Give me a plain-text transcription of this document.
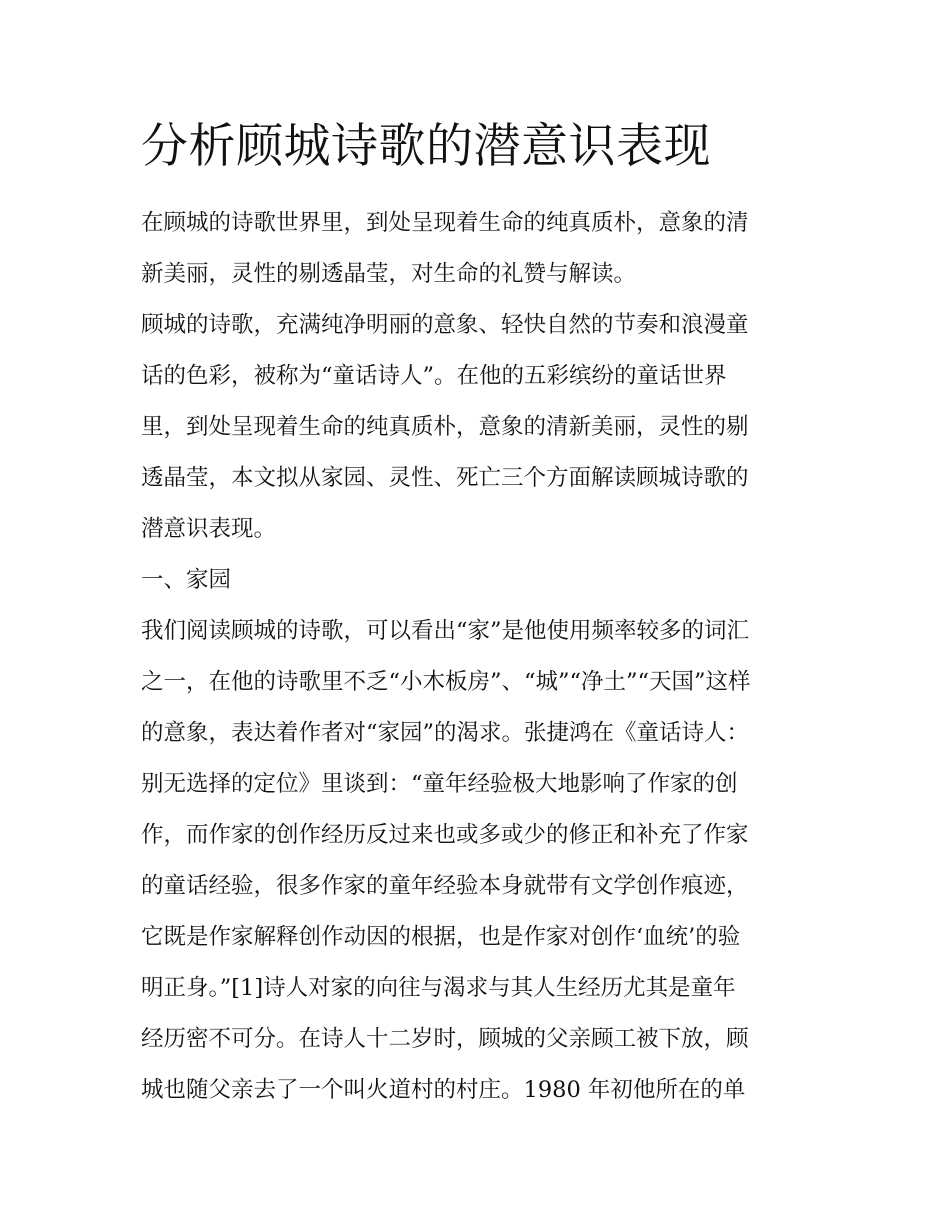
分析顾城诗歌的潜意识表现
在顾城的诗歌世界里，到处呈现着生命的纯真质朴，意象的清
新美丽，灵性的剔透晶莹，对生命的礼赞与解读。
顾城的诗歌，充满纯净明丽的意象、轻快自然的节奏和浪漫童
话的色彩，被称为“童话诗人”。在他的五彩缤纷的童话世界
里，到处呈现着生命的纯真质朴，意象的清新美丽，灵性的剔
透晶莹，本文拟从家园、灵性、死亡三个方面解读顾城诗歌的
潜意识表现。
一、家园
我们阅读顾城的诗歌，可以看出“家”是他使用频率较多的词汇
之一，在他的诗歌里不乏“小木板房”、“城”“净土”“天国”这样
的意象，表达着作者对“家园”的渴求。张捷鸿在《童话诗人：
别无选择的定位》里谈到：“童年经验极大地影响了作家的创
作，而作家的创作经历反过来也或多或少的修正和补充了作家
的童话经验，很多作家的童年经验本身就带有文学创作痕迹，
它既是作家解释创作动因的根据，也是作家对创作‘血统’的验
明正身。”[1]诗人对家的向往与渴求与其人生经历尤其是童年
经历密不可分。在诗人十二岁时，顾城的父亲顾工被下放，顾
城也随父亲去了一个叫火道村的村庄。1980 年初他所在的单
